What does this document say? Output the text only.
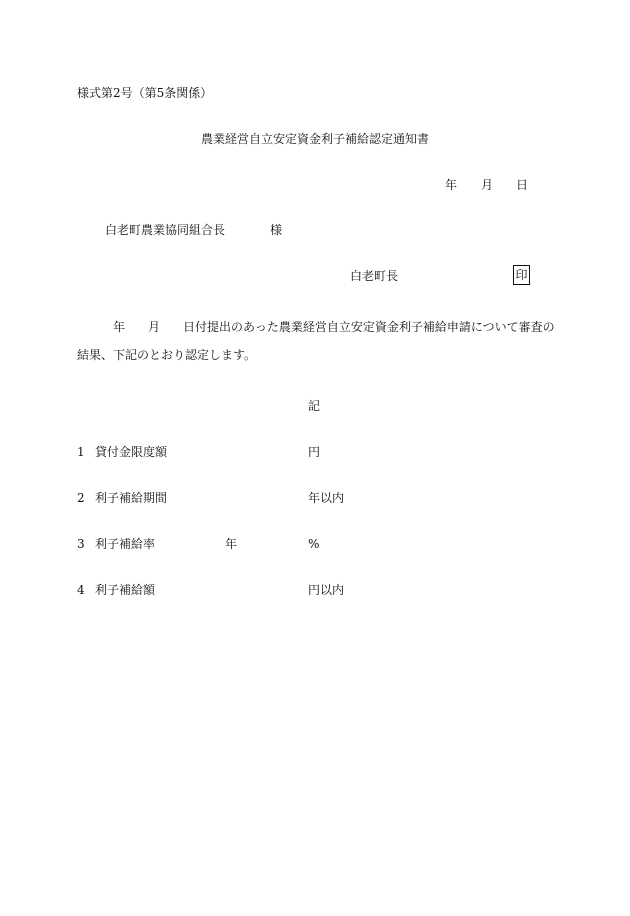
様式第2号（第5条関係）
農業経営自立安定資金利子補給認定通知書
年 月 日
白老町農業協同組合長	様
白老町長	印
年 月 日付提出のあった農業経営自立安定資金利子補給申請について審査の
結果、下記のとおり認定します。
記
1 貸付金限度額	円
2 利子補給期間	年以内
3 利子補給率	年	%
4 利子補給額	円以内
